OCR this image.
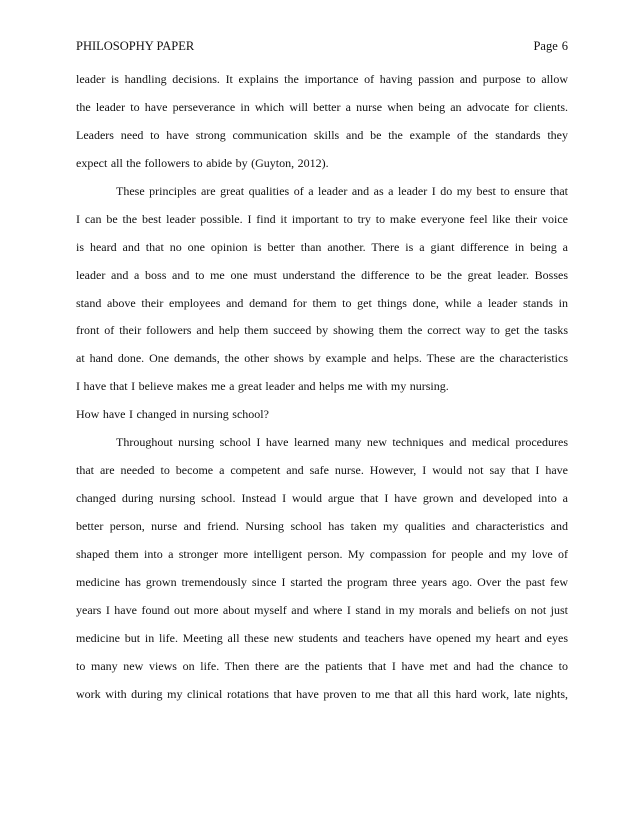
PHILOSOPHY PAPER	Page 6
leader is handling decisions. It explains the importance of having passion and purpose to allow
the leader to have perseverance in which will better a nurse when being an advocate for clients.
Leaders need to have strong communication skills and be the example of the standards they
expect all the followers to abide by (Guyton, 2012).
These principles are great qualities of a leader and as a leader I do my best to ensure that
I can be the best leader possible. I find it important to try to make everyone feel like their voice
is heard and that no one opinion is better than another. There is a giant difference in being a
leader and a boss and to me one must understand the difference to be the great leader. Bosses
stand above their employees and demand for them to get things done, while a leader stands in
front of their followers and help them succeed by showing them the correct way to get the tasks
at hand done. One demands, the other shows by example and helps. These are the characteristics
I have that I believe makes me a great leader and helps me with my nursing.
How have I changed in nursing school?
Throughout nursing school I have learned many new techniques and medical procedures
that are needed to become a competent and safe nurse. However, I would not say that I have
changed during nursing school. Instead I would argue that I have grown and developed into a
better person, nurse and friend. Nursing school has taken my qualities and characteristics and
shaped them into a stronger more intelligent person. My compassion for people and my love of
medicine has grown tremendously since I started the program three years ago. Over the past few
years I have found out more about myself and where I stand in my morals and beliefs on not just
medicine but in life. Meeting all these new students and teachers have opened my heart and eyes
to many new views on life. Then there are the patients that I have met and had the chance to
work with during my clinical rotations that have proven to me that all this hard work, late nights,
